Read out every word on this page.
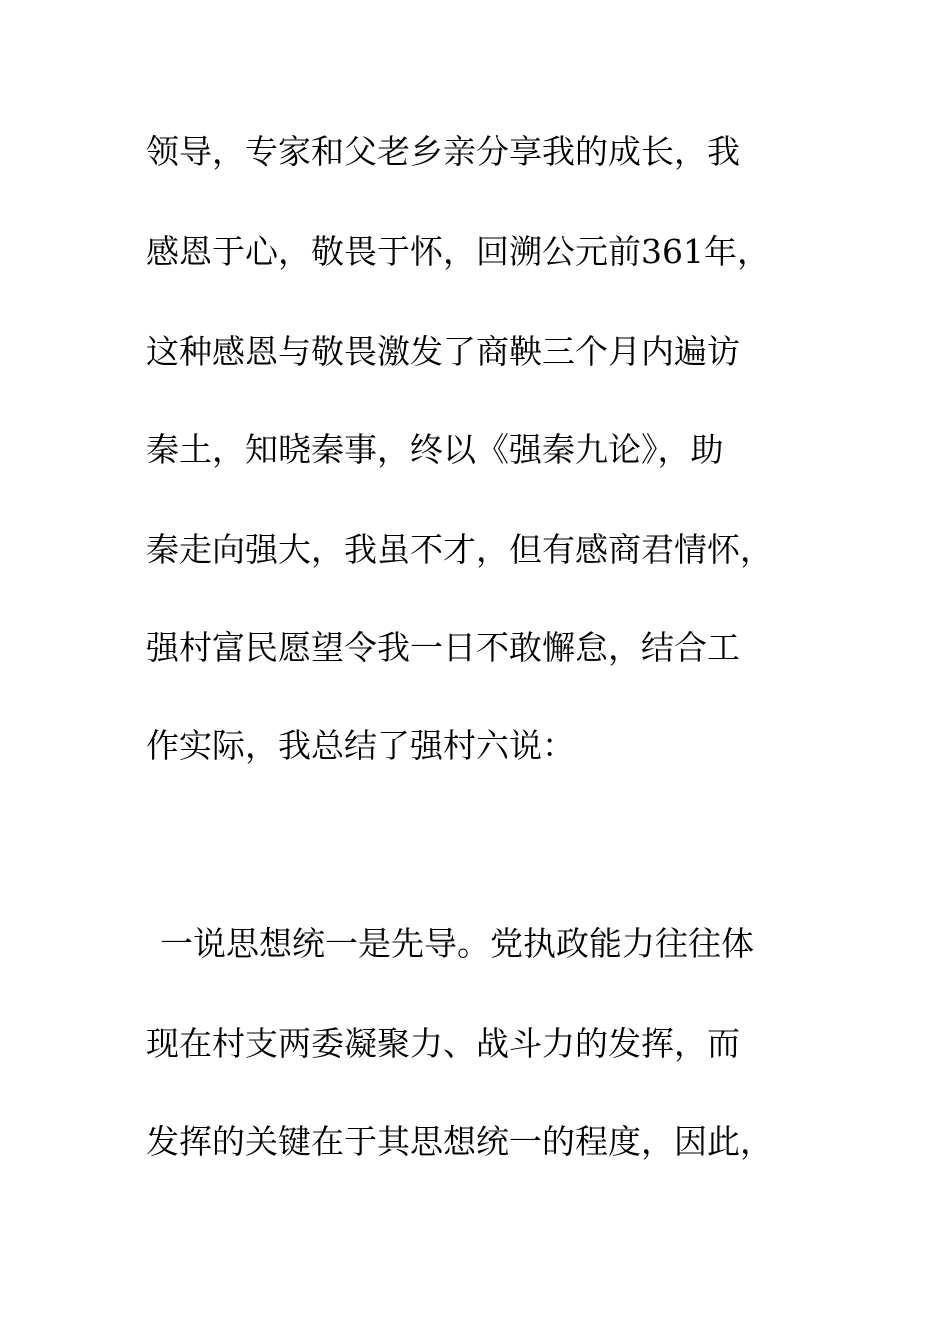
领导，专家和父老乡亲分享我的成长，我
感恩于心，敬畏于怀，回溯公元前361年，
这种感恩与敬畏激发了商鞅三个月内遍访
秦土，知晓秦事，终以《强秦九论》，助
秦走向强大，我虽不才，但有感商君情怀，
强村富民愿望令我一日不敢懈怠，结合工
作实际，我总结了强村六说：
一说思想统一是先导。党执政能力往往体
现在村支两委凝聚力、战斗力的发挥，而
发挥的关键在于其思想统一的程度，因此，
